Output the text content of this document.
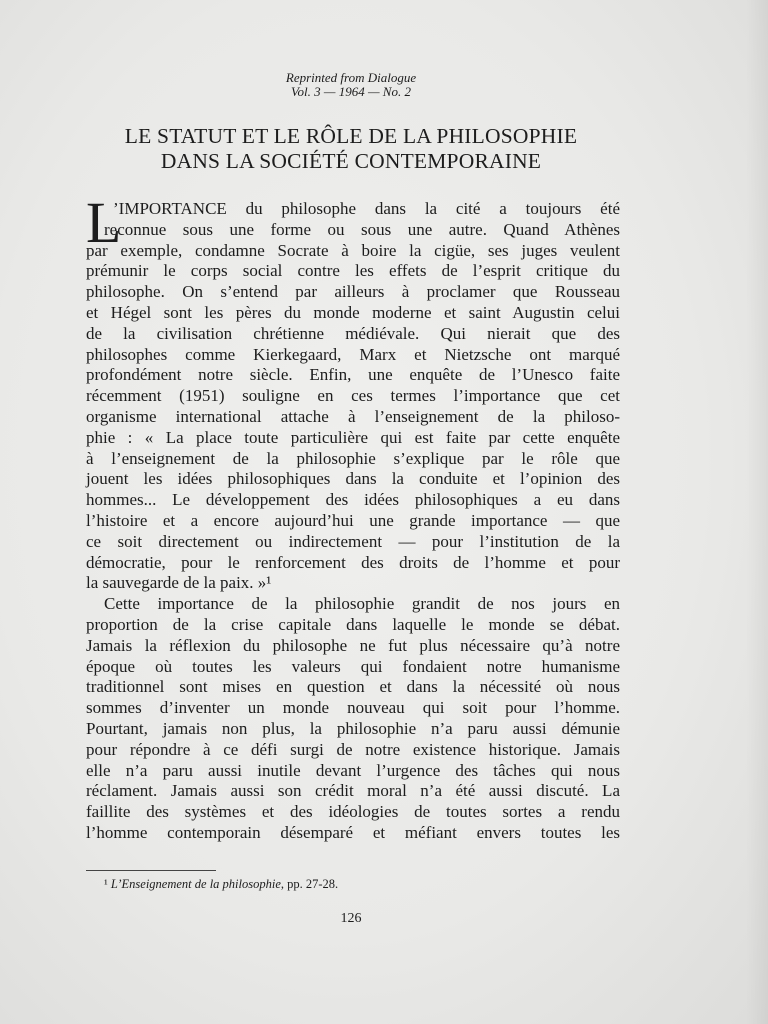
Reprinted from Dialogue
Vol. 3 — 1964 — No. 2
LE STATUT ET LE RÔLE DE LA PHILOSOPHIE
DANS LA SOCIÉTÉ CONTEMPORAINE
L
’IMPORTANCE du philosophe dans la cité a toujours été
reconnue sous une forme ou sous une autre. Quand Athènes
par exemple, condamne Socrate à boire la cigüe, ses juges veulent
prémunir le corps social contre les effets de l’esprit critique du
philosophe. On s’entend par ailleurs à proclamer que Rousseau
et Hégel sont les pères du monde moderne et saint Augustin celui
de la civilisation chrétienne médiévale. Qui nierait que des
philosophes comme Kierkegaard, Marx et Nietzsche ont marqué
profondément notre siècle. Enfin, une enquête de l’Unesco faite
récemment (1951) souligne en ces termes l’importance que cet
organisme international attache à l’enseignement de la philoso-
phie : « La place toute particulière qui est faite par cette enquête
à l’enseignement de la philosophie s’explique par le rôle que
jouent les idées philosophiques dans la conduite et l’opinion des
hommes... Le développement des idées philosophiques a eu dans
l’histoire et a encore aujourd’hui une grande importance — que
ce soit directement ou indirectement — pour l’institution de la
démocratie, pour le renforcement des droits de l’homme et pour
la sauvegarde de la paix. »¹
Cette importance de la philosophie grandit de nos jours en
proportion de la crise capitale dans laquelle le monde se débat.
Jamais la réflexion du philosophe ne fut plus nécessaire qu’à notre
époque où toutes les valeurs qui fondaient notre humanisme
traditionnel sont mises en question et dans la nécessité où nous
sommes d’inventer un monde nouveau qui soit pour l’homme.
Pourtant, jamais non plus, la philosophie n’a paru aussi démunie
pour répondre à ce défi surgi de notre existence historique. Jamais
elle n’a paru aussi inutile devant l’urgence des tâches qui nous
réclament. Jamais aussi son crédit moral n’a été aussi discuté. La
faillite des systèmes et des idéologies de toutes sortes a rendu
l’homme contemporain désemparé et méfiant envers toutes les
¹ L’Enseignement de la philosophie, pp. 27-28.
126
